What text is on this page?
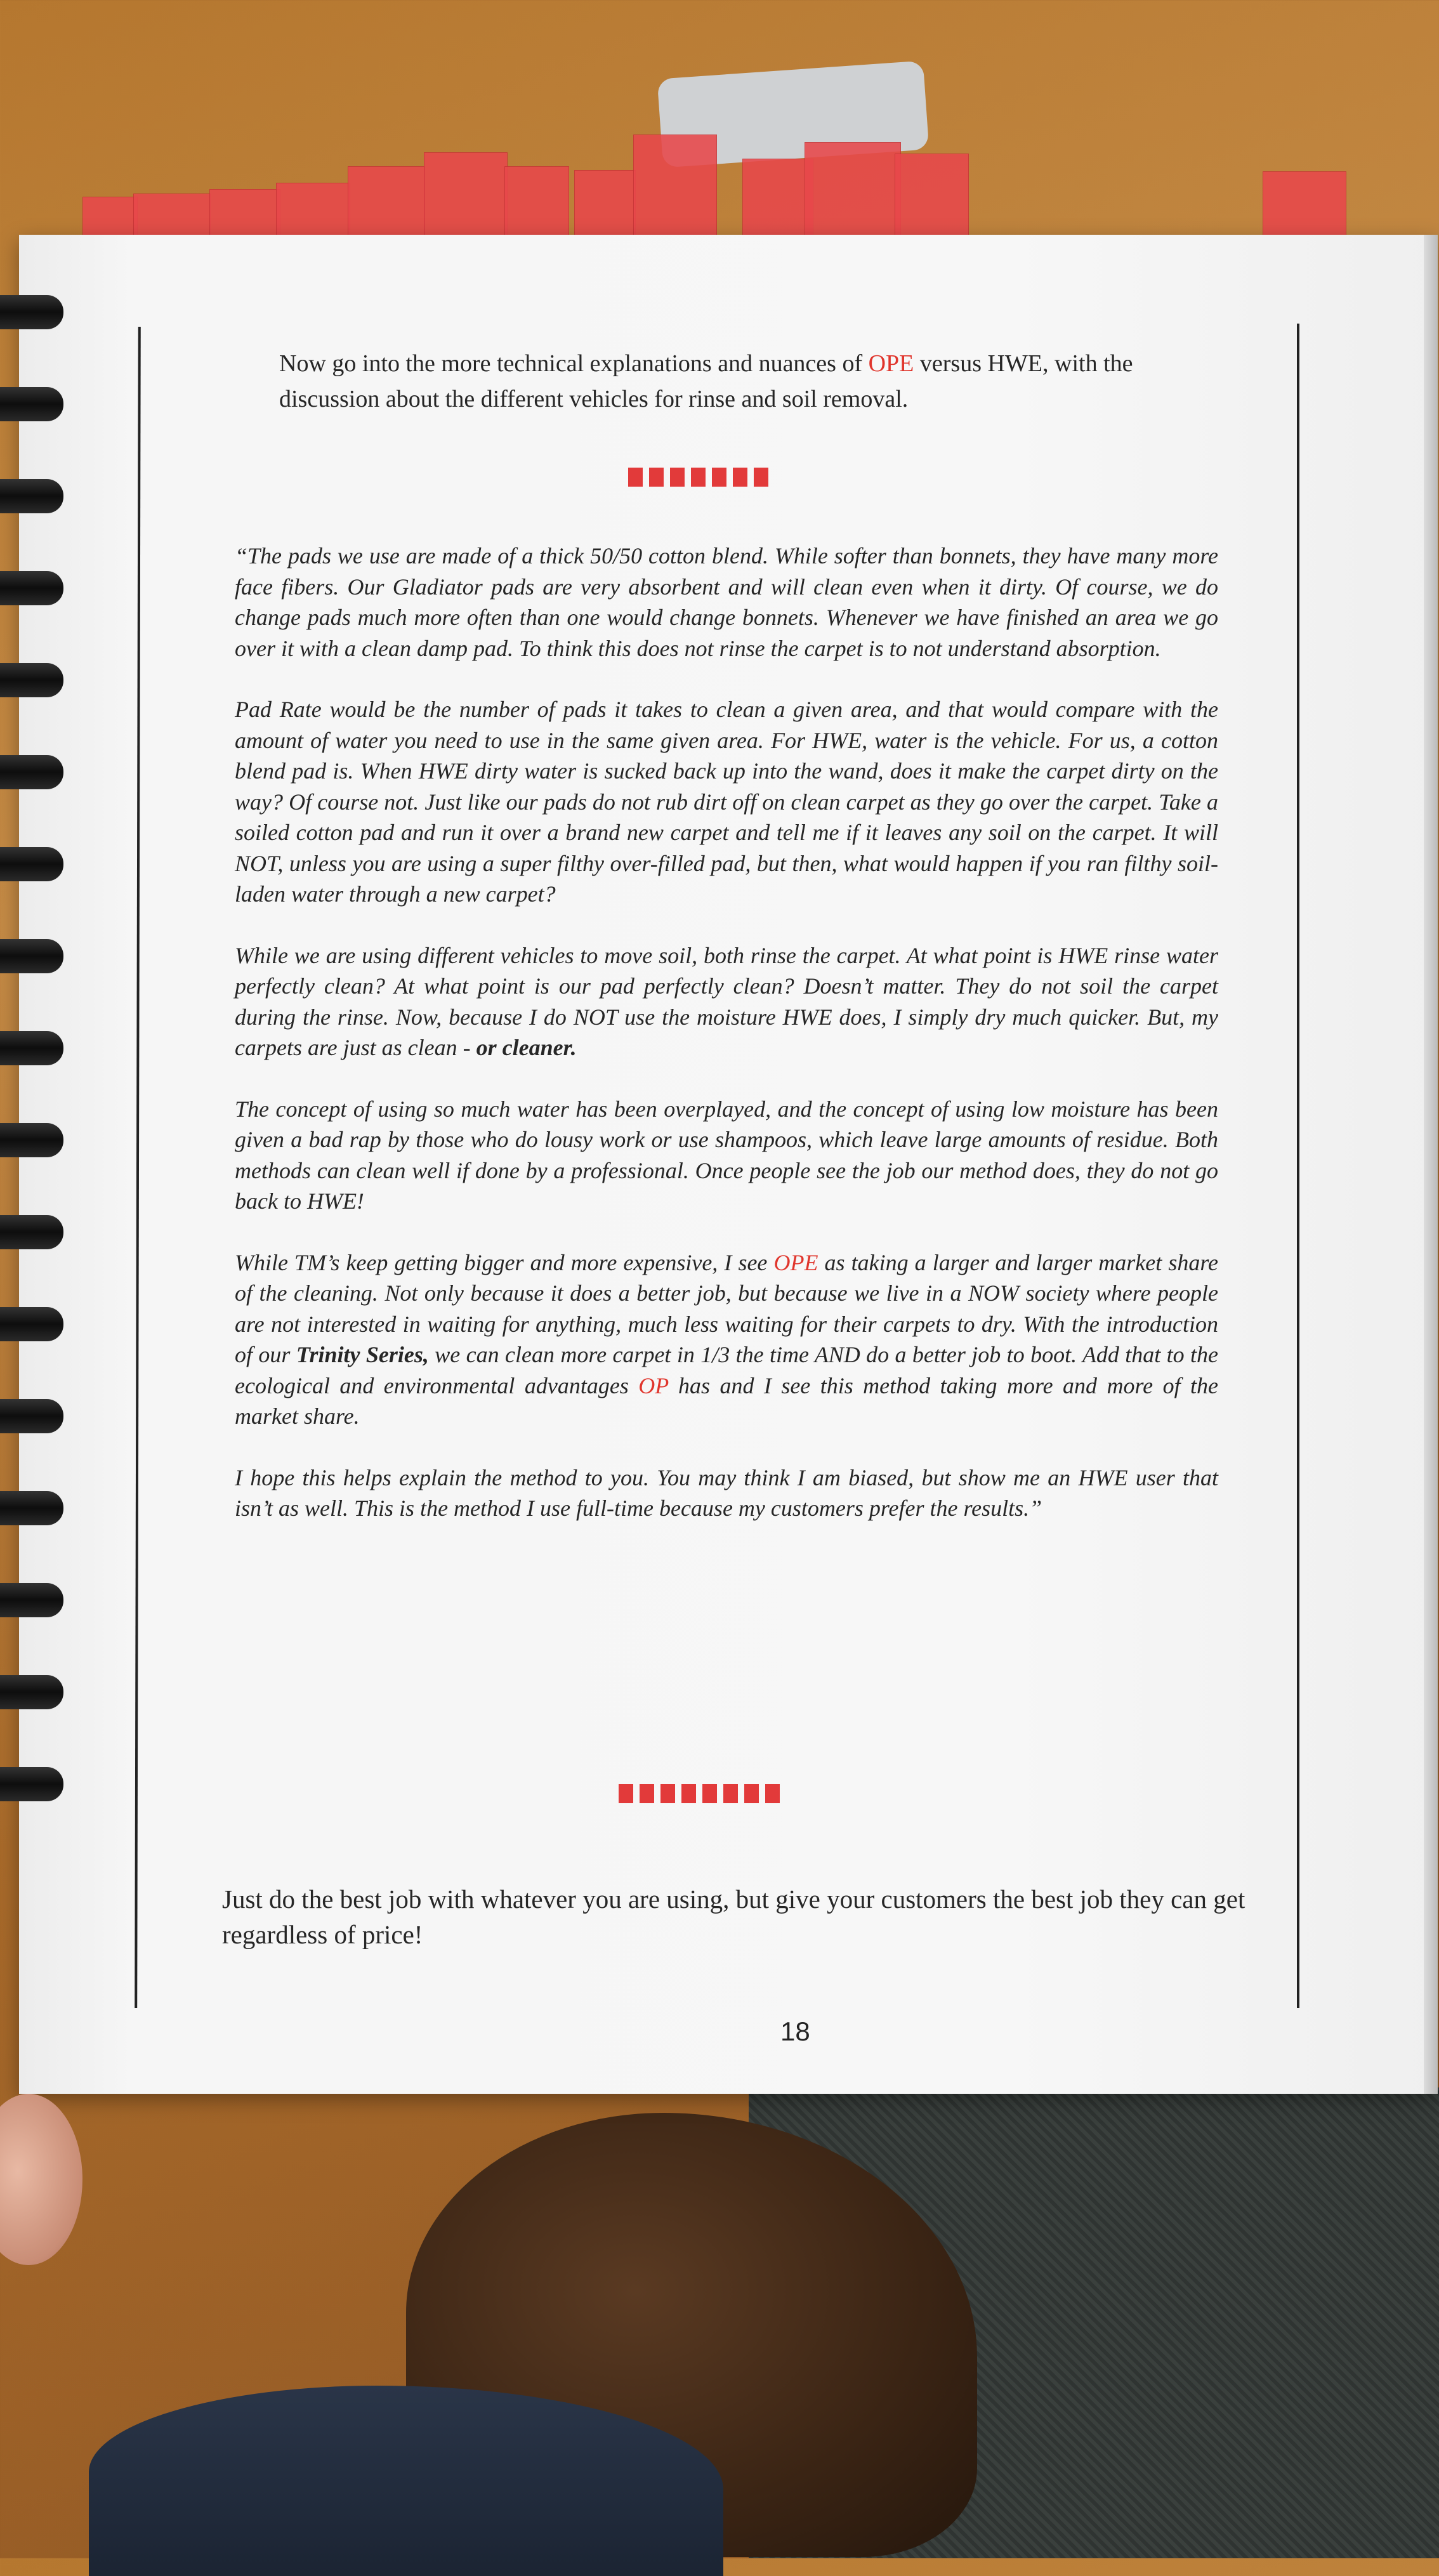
Now go into the more technical explanations and nuances of OPE versus HWE, with the discussion about the different vehicles for rinse and soil removal.

“The pads we use are made of a thick 50/50 cotton blend. While softer than bonnets, they have many more face fibers. Our Gladiator pads are very absorbent and will clean even when it dirty. Of course, we do change pads much more often than one would change bonnets. Whenever we have finished an area we go over it with a clean damp pad. To think this does not rinse the carpet is to not understand absorption.

Pad Rate would be the number of pads it takes to clean a given area, and that would compare with the amount of water you need to use in the same given area. For HWE, water is the vehicle. For us, a cotton blend pad is. When HWE dirty water is sucked back up into the wand, does it make the carpet dirty on the way? Of course not. Just like our pads do not rub dirt off on clean carpet as they go over the carpet. Take a soiled cotton pad and run it over a brand new carpet and tell me if it leaves any soil on the carpet. It will NOT, unless you are using a super filthy over-filled pad, but then, what would happen if you ran filthy soil-laden water through a new carpet?

While we are using different vehicles to move soil, both rinse the carpet. At what point is HWE rinse water perfectly clean? At what point is our pad perfectly clean? Doesn’t matter. They do not soil the carpet during the rinse. Now, because I do NOT use the moisture HWE does, I simply dry much quicker. But, my carpets are just as clean - or cleaner.

The concept of using so much water has been overplayed, and the concept of using low moisture has been given a bad rap by those who do lousy work or use shampoos, which leave large amounts of residue. Both methods can clean well if done by a professional. Once people see the job our method does, they do not go back to HWE!

While TM’s keep getting bigger and more expensive, I see OPE as taking a larger and larger market share of the cleaning. Not only because it does a better job, but because we live in a NOW society where people are not interested in waiting for anything, much less waiting for their carpets to dry. With the introduction of our Trinity Series, we can clean more carpet in 1/3 the time AND do a better job to boot. Add that to the ecological and environmental advantages OP has and I see this method taking more and more of the market share.

I hope this helps explain the method to you. You may think I am biased, but show me an HWE user that isn’t as well. This is the method I use full-time because my customers prefer the results.”

Just do the best job with whatever you are using, but give your customers the best job they can get regardless of price!
18
